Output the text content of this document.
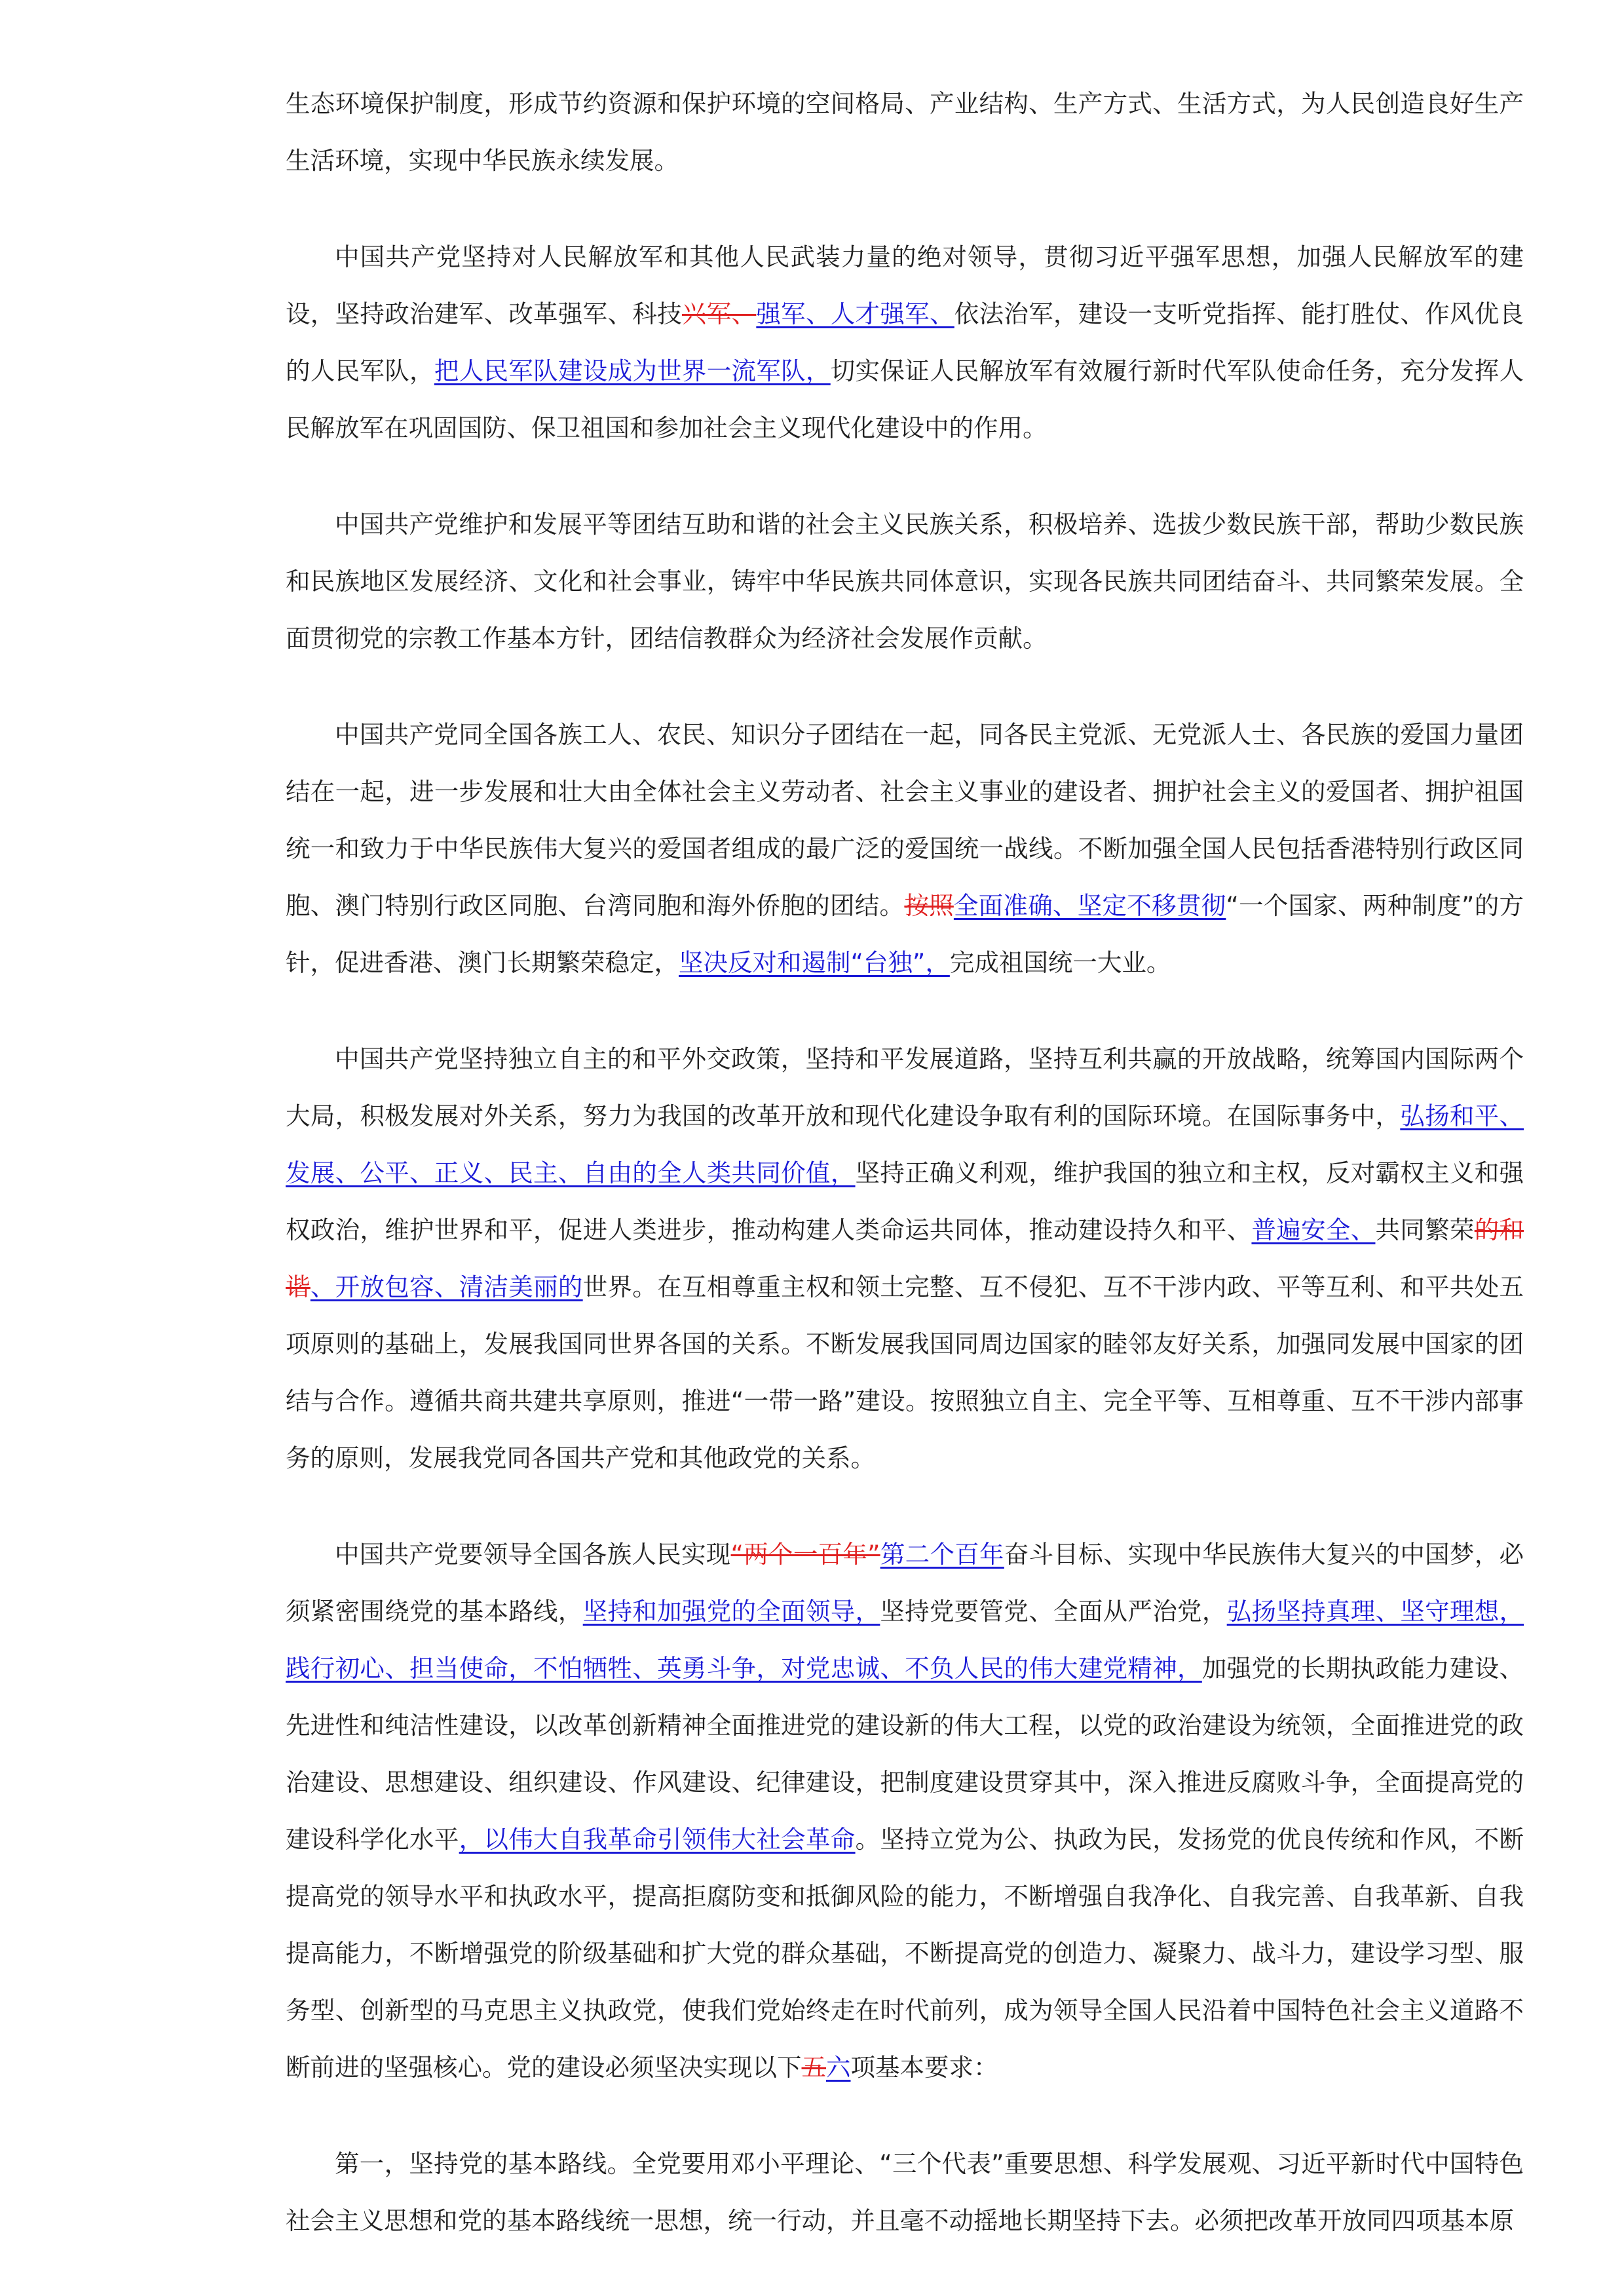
生态环境保护制度，形成节约资源和保护环境的空间格局、产业结构、生产方式、生活方式，为人民创造良好生产生活环境，实现中华民族永续发展。

中国共产党坚持对人民解放军和其他人民武装力量的绝对领导，贯彻习近平强军思想，加强人民解放军的建设，坚持政治建军、改革强军、科技兴军、强军、人才强军、依法治军，建设一支听党指挥、能打胜仗、作风优良的人民军队，把人民军队建设成为世界一流军队，切实保证人民解放军有效履行新时代军队使命任务，充分发挥人民解放军在巩固国防、保卫祖国和参加社会主义现代化建设中的作用。

中国共产党维护和发展平等团结互助和谐的社会主义民族关系，积极培养、选拔少数民族干部，帮助少数民族和民族地区发展经济、文化和社会事业，铸牢中华民族共同体意识，实现各民族共同团结奋斗、共同繁荣发展。全面贯彻党的宗教工作基本方针，团结信教群众为经济社会发展作贡献。

中国共产党同全国各族工人、农民、知识分子团结在一起，同各民主党派、无党派人士、各民族的爱国力量团结在一起，进一步发展和壮大由全体社会主义劳动者、社会主义事业的建设者、拥护社会主义的爱国者、拥护祖国统一和致力于中华民族伟大复兴的爱国者组成的最广泛的爱国统一战线。不断加强全国人民包括香港特别行政区同胞、澳门特别行政区同胞、台湾同胞和海外侨胞的团结。按照全面准确、坚定不移贯彻“一个国家、两种制度”的方针，促进香港、澳门长期繁荣稳定，坚决反对和遏制“台独”，完成祖国统一大业。

中国共产党坚持独立自主的和平外交政策，坚持和平发展道路，坚持互利共赢的开放战略，统筹国内国际两个大局，积极发展对外关系，努力为我国的改革开放和现代化建设争取有利的国际环境。在国际事务中，弘扬和平、发展、公平、正义、民主、自由的全人类共同价值，坚持正确义利观，维护我国的独立和主权，反对霸权主义和强权政治，维护世界和平，促进人类进步，推动构建人类命运共同体，推动建设持久和平、普遍安全、共同繁荣的和谐、开放包容、清洁美丽的世界。在互相尊重主权和领土完整、互不侵犯、互不干涉内政、平等互利、和平共处五项原则的基础上，发展我国同世界各国的关系。不断发展我国同周边国家的睦邻友好关系，加强同发展中国家的团结与合作。遵循共商共建共享原则，推进“一带一路”建设。按照独立自主、完全平等、互相尊重、互不干涉内部事务的原则，发展我党同各国共产党和其他政党的关系。

中国共产党要领导全国各族人民实现“两个一百年”第二个百年奋斗目标、实现中华民族伟大复兴的中国梦，必须紧密围绕党的基本路线，坚持和加强党的全面领导，坚持党要管党、全面从严治党，弘扬坚持真理、坚守理想，践行初心、担当使命，不怕牺牲、英勇斗争，对党忠诚、不负人民的伟大建党精神，加强党的长期执政能力建设、先进性和纯洁性建设，以改革创新精神全面推进党的建设新的伟大工程，以党的政治建设为统领，全面推进党的政治建设、思想建设、组织建设、作风建设、纪律建设，把制度建设贯穿其中，深入推进反腐败斗争，全面提高党的建设科学化水平，以伟大自我革命引领伟大社会革命。坚持立党为公、执政为民，发扬党的优良传统和作风，不断提高党的领导水平和执政水平，提高拒腐防变和抵御风险的能力，不断增强自我净化、自我完善、自我革新、自我提高能力，不断增强党的阶级基础和扩大党的群众基础，不断提高党的创造力、凝聚力、战斗力，建设学习型、服务型、创新型的马克思主义执政党，使我们党始终走在时代前列，成为领导全国人民沿着中国特色社会主义道路不断前进的坚强核心。党的建设必须坚决实现以下五六项基本要求：

第一，坚持党的基本路线。全党要用邓小平理论、“三个代表”重要思想、科学发展观、习近平新时代中国特色社会主义思想和党的基本路线统一思想，统一行动，并且毫不动摇地长期坚持下去。必须把改革开放同四项基本原
